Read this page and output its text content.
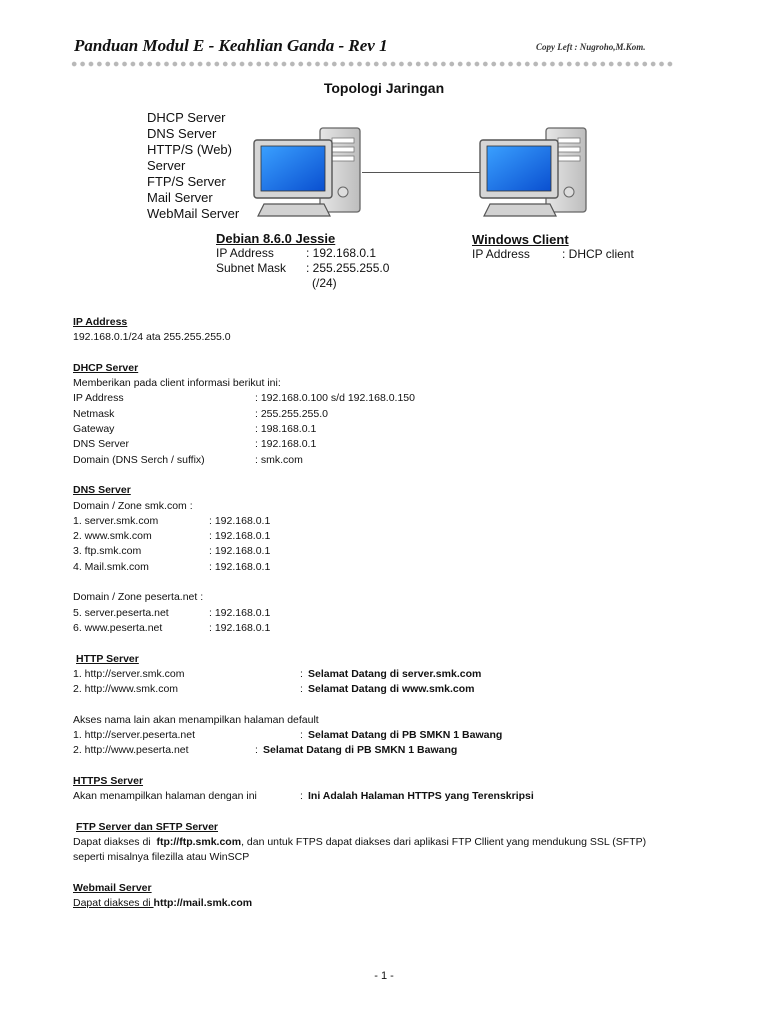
Panduan Modul E - Keahlian Ganda - Rev 1	Copy Left : Nugroho,M.Kom.
Topologi Jaringan
DHCP Server
DNS Server
HTTP/S (Web)
Server
FTP/S Server
Mail Server
WebMail Server
Debian 8.6.0 Jessie
IP Address	: 192.168.0.1
Subnet Mask : 255.255.255.0
(/24)
Windows Client
IP Address	: DHCP client
IP Address
192.168.0.1/24 ata 255.255.255.0
DHCP Server
Memberikan pada client informasi berikut ini:
IP Address	: 192.168.0.100 s/d 192.168.0.150
Netmask	: 255.255.255.0
Gateway	: 198.168.0.1
DNS Server	: 192.168.0.1
Domain (DNS Serch / suffix)	: smk.com
DNS Server
Domain / Zone smk.com :
1. server.smk.com	: 192.168.0.1
2. www.smk.com	: 192.168.0.1
3. ftp.smk.com	: 192.168.0.1
4. Mail.smk.com	: 192.168.0.1
Domain / Zone peserta.net :
5. server.peserta.net	: 192.168.0.1
6. www.peserta.net	: 192.168.0.1
HTTP Server
1. http://server.smk.com	: Selamat Datang di server.smk.com
2. http://www.smk.com	: Selamat Datang di www.smk.com
Akses nama lain akan menampilkan halaman default
1. http://server.peserta.net	: Selamat Datang di PB SMKN 1 Bawang
2. http://www.peserta.net	: Selamat Datang di PB SMKN 1 Bawang
HTTPS Server
Akan menampilkan halaman dengan ini	: Ini Adalah Halaman HTTPS yang Terenskripsi
FTP Server dan SFTP Server
Dapat diakses di  ftp://ftp.smk.com, dan untuk FTPS dapat diakses dari aplikasi FTP Cllient yang mendukung SSL (SFTP)
seperti misalnya filezilla atau WinSCP
Webmail Server
Dapat diakses di http://mail.smk.com
- 1 -
